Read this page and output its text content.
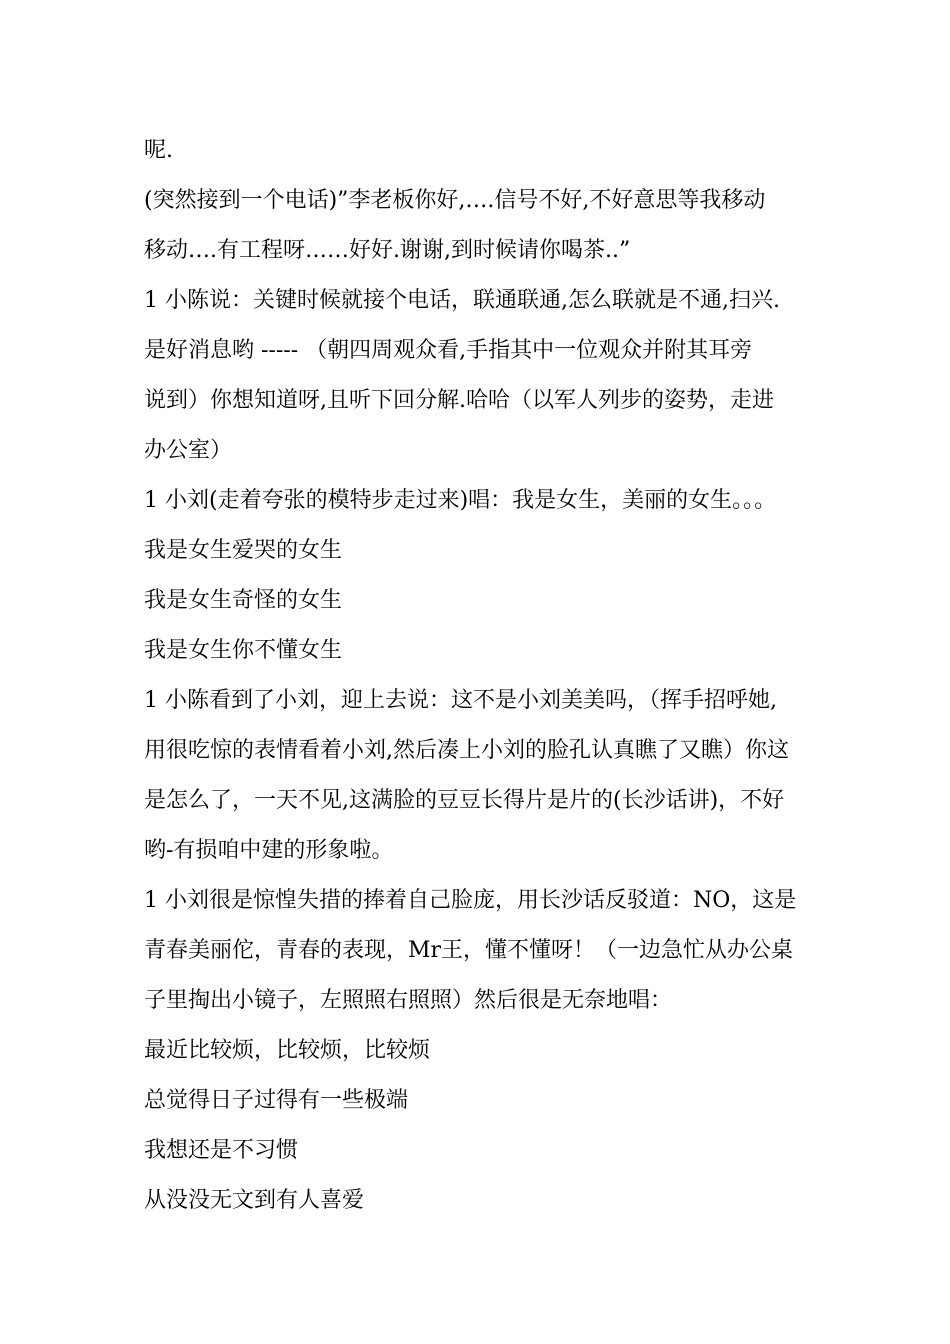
呢.
(突然接到一个电话)”李老板你好,….信号不好,不好意思等我移动
移动….有工程呀……好好.谢谢,到时候请你喝茶..”
1 小陈说：关键时候就接个电话，联通联通,怎么联就是不通,扫兴.
是好消息哟 ----- （朝四周观众看,手指其中一位观众并附其耳旁
说到）你想知道呀,且听下回分解.哈哈（以军人列步的姿势，走进
办公室）
1 小刘(走着夸张的模特步走过来)唱：我是女生，美丽的女生。。。
我是女生爱哭的女生
我是女生奇怪的女生
我是女生你不懂女生
1 小陈看到了小刘，迎上去说：这不是小刘美美吗，（挥手招呼她,
用很吃惊的表情看着小刘,然后凑上小刘的脸孔认真瞧了又瞧）你这
是怎么了，一天不见,这满脸的豆豆长得片是片的(长沙话讲)，不好
哟-有损咱中建的形象啦。
1 小刘很是惊惶失措的捧着自己脸庞，用长沙话反驳道：NO，这是
青春美丽佗，青春的表现，Mr王，懂不懂呀！（一边急忙从办公桌
子里掏出小镜子，左照照右照照）然后很是无奈地唱：
最近比较烦，比较烦，比较烦
总觉得日子过得有一些极端
我想还是不习惯
从没没无文到有人喜爱
